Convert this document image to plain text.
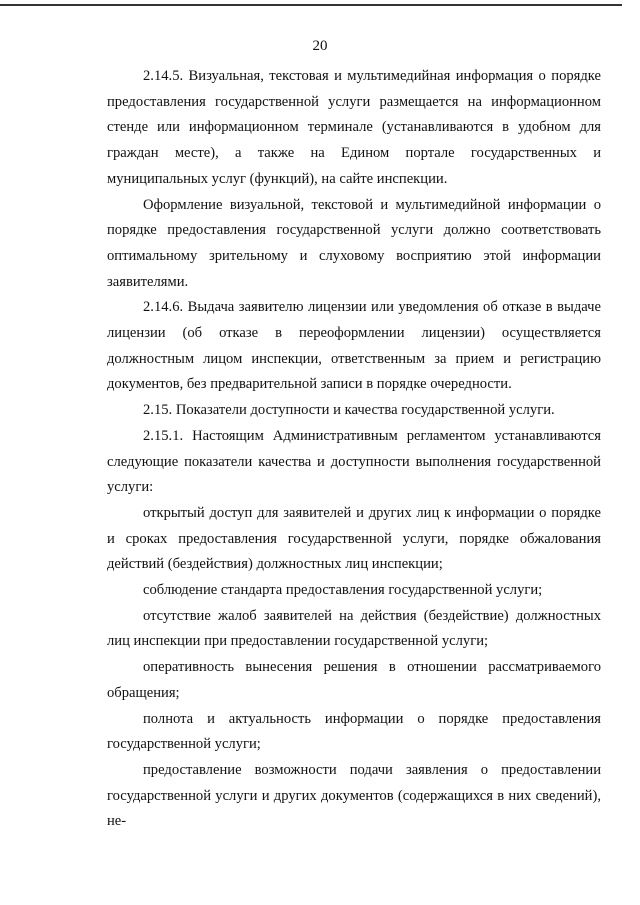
20

2.14.5. Визуальная, текстовая и мультимедийная информация о порядке предоставления государственной услуги размещается на информационном стенде или информационном терминале (устанавливаются в удобном для граждан месте), а также на Едином портале государственных и муниципальных услуг (функций), на сайте инспекции.

Оформление визуальной, текстовой и мультимедийной информации о порядке предоставления государственной услуги должно соответствовать оптимальному зрительному и слуховому восприятию этой информации заявителями.

2.14.6. Выдача заявителю лицензии или уведомления об отказе в выдаче лицензии (об отказе в переоформлении лицензии) осуществляется должностным лицом инспекции, ответственным за прием и регистрацию документов, без предварительной записи в порядке очередности.

2.15. Показатели доступности и качества государственной услуги.

2.15.1. Настоящим Административным регламентом устанавливаются следующие показатели качества и доступности выполнения государственной услуги:

открытый доступ для заявителей и других лиц к информации о порядке и сроках предоставления государственной услуги, порядке обжалования действий (бездействия) должностных лиц инспекции;

соблюдение стандарта предоставления государственной услуги;

отсутствие жалоб заявителей на действия (бездействие) должностных лиц инспекции при предоставлении государственной услуги;

оперативность вынесения решения в отношении рассматриваемого обращения;

полнота и актуальность информации о порядке предоставления государственной услуги;

предоставление возможности подачи заявления о предоставлении государственной услуги и других документов (содержащихся в них сведений), не-
